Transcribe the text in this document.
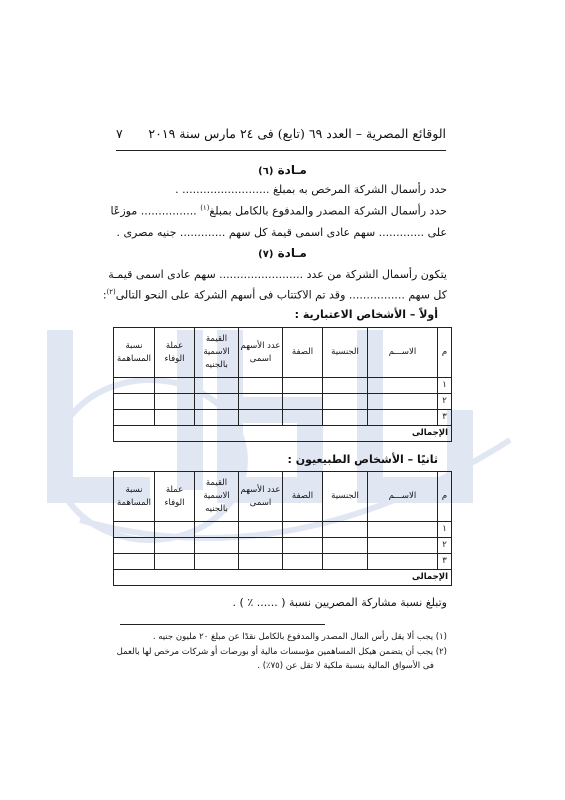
الوقائع المصرية – العدد ٦٩ (تابع) فى ٢٤ مارس سنة ٢٠١٩
٧
مـادة (٦)
حدد رأسمال الشركة المرخص به بمبلغ ......................... .
حدد رأسمال الشركة المصدر والمدفوع بالكامل بمبلغ$^{(١)}$ ................ موزعًا
على ............. سهم عادى اسمى قيمة كل سهم ............. جنيه مصرى .
مـادة (٧)
يتكون رأسمال الشركة من عدد ........................ سهم عادى اسمى قيمـة
كل سهم ................ وقد تم الاكتتاب فى أسهم الشركة على النحو التالى$^{(٢)}$:
أولاً – الأشخاص الاعتبارية :
م	الاســـم	الجنسية	الصفة	عدد الأسهم اسمى	القيمة الاسمية بالجنيه	عملة الوفاء	نسبة المساهمة
١							
٢							
٣							
الإجمالى							
ثانيًا – الأشخاص الطبيعيون :
م	الاســـم	الجنسية	الصفة	عدد الأسهم اسمى	القيمة الاسمية بالجنيه	عملة الوفاء	نسبة المساهمة
١							
٢							
٣							
الإجمالى							
وتبلغ نسبة مشاركة المصريين نسبة ( ...... ٪ ) .
(١) يجب ألا يقل رأس المال المصدر والمدفوع بالكامل نقدًا عن مبلغ ٢٠ مليون جنيه .
(٢) يجب أن يتضمن هيكل المساهمين مؤسسات مالية أو بورصات أو شركات مرخص لها بالعمل
فى الأسواق المالية بنسبة ملكية لا تقل عن (٧٥٪) .
